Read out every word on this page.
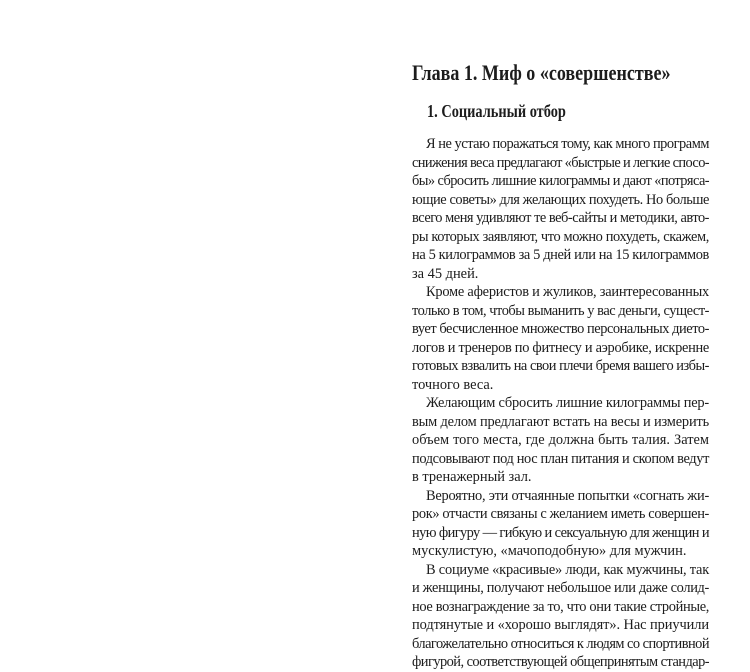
Глава 1. Миф о «совершенстве»
1. Социальный отбор
Я не устаю поражаться тому, как много программ
снижения веса предлагают «быстрые и легкие спосо-
бы» сбросить лишние килограммы и дают «потряса-
ющие советы» для желающих похудеть. Но больше
всего меня удивляют те веб-сайты и методики, авто-
ры которых заявляют, что можно похудеть, скажем,
на 5 килограммов за 5 дней или на 15 килограммов
за 45 дней.
Кроме аферистов и жуликов, заинтересованных
только в том, чтобы выманить у вас деньги, сущест-
вует бесчисленное множество персональных дието-
логов и тренеров по фитнесу и аэробике, искренне
готовых взвалить на свои плечи бремя вашего избы-
точного веса.
Желающим сбросить лишние килограммы пер-
вым делом предлагают встать на весы и измерить
объем того места, где должна быть талия. Затем
подсовывают под нос план питания и скопом ведут
в тренажерный зал.
Вероятно, эти отчаянные попытки «согнать жи-
рок» отчасти связаны с желанием иметь совершен-
ную фигуру — гибкую и сексуальную для женщин и
мускулистую, «мачоподобную» для мужчин.
В социуме «красивые» люди, как мужчины, так
и женщины, получают небольшое или даже солид-
ное вознаграждение за то, что они такие стройные,
подтянутые и «хорошо выглядят». Нас приучили
благожелательно относиться к людям со спортивной
фигурой, соответствующей общепринятым стандар-
